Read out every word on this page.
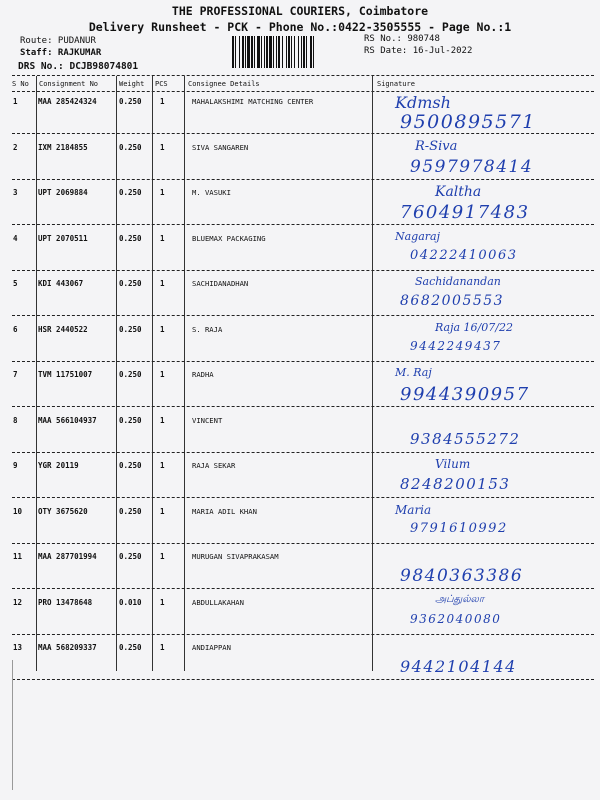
THE PROFESSIONAL COURIERS, Coimbatore
Delivery Runsheet - PCK - Phone No.:0422-3505555 - Page No.:1
Route: PUDANUR
Staff: RAJKUMAR
DRS No.: DCJB98074801
RS No.: 980748
RS Date: 16-Jul-2022
S No Consignment No	Weight PCS	Consignee Details	Signature
1	MAA 285424324	0.250 1	MAHALAKSHIMI MATCHING CENTER	Kdmsh
9500895571
2	IXM 2184855	0.250 1	SIVA SANGAREN	R-Siva
9597978414
3	UPT 2069884	0.250 1	M. VASUKI	Kaltha
7604917483
4	UPT 2070511	0.250 1	BLUEMAX PACKAGING	Nagaraj
04222410063
5	KDI 443067	0.250 1	SACHIDANADHAN	Sachidanandan
8682005553
6	HSR 2440522	0.250 1	S. RAJA	Raja 16/07/22
9442249437
7	TVM 11751007	0.250 1	RADHA	M. Raj
9944390957
8	MAA 566104937	0.250 1	VINCENT
9384555272
9	YGR 20119	0.250 1	RAJA SEKAR	Vilum
8248200153
10 OTY 3675620	0.250 1	MARIA ADIL KHAN	Maria
9791610992
11 MAA 287701994	0.250 1	MURUGAN SIVAPRAKASAM
9840363386
12 PRO 13478648	0.010 1	ABDULLAKAHAN	அப்துல்லா
9362040080
13 MAA 568209337	0.250 1	ANDIAPPAN
9442104144
